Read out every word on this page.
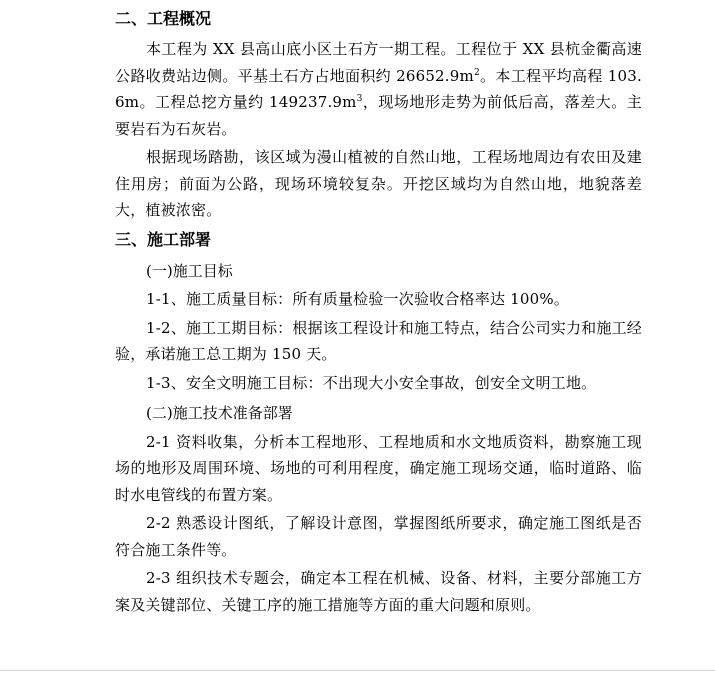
二、工程概况

本工程为 XX 县高山底小区土石方一期工程。工程位于 XX 县杭金衢高速公路收费站边侧。平基土石方占地面积约 $26652.9m^2$。本工程平均高程 103.6m。工程总挖方量约 $149237.9m^3$，现场地形走势为前低后高，落差大。主要岩石为石灰岩。

根据现场踏勘，该区域为漫山植被的自然山地，工程场地周边有农田及建住用房；前面为公路，现场环境较复杂。开挖区域均为自然山地，地貌落差大，植被浓密。

三、施工部署

(一)施工目标

1-1、施工质量目标：所有质量检验一次验收合格率达 100%。

1-2、施工工期目标：根据该工程设计和施工特点，结合公司实力和施工经验，承诺施工总工期为 150 天。

1-3、安全文明施工目标：不出现大小安全事故，创安全文明工地。

(二)施工技术准备部署

2-1 资料收集，分析本工程地形、工程地质和水文地质资料，勘察施工现场的地形及周围环境、场地的可利用程度，确定施工现场交通，临时道路、临时水电管线的布置方案。

2-2 熟悉设计图纸，了解设计意图，掌握图纸所要求，确定施工图纸是否符合施工条件等。

2-3 组织技术专题会，确定本工程在机械、设备、材料，主要分部施工方案及关键部位、关键工序的施工措施等方面的重大问题和原则。
